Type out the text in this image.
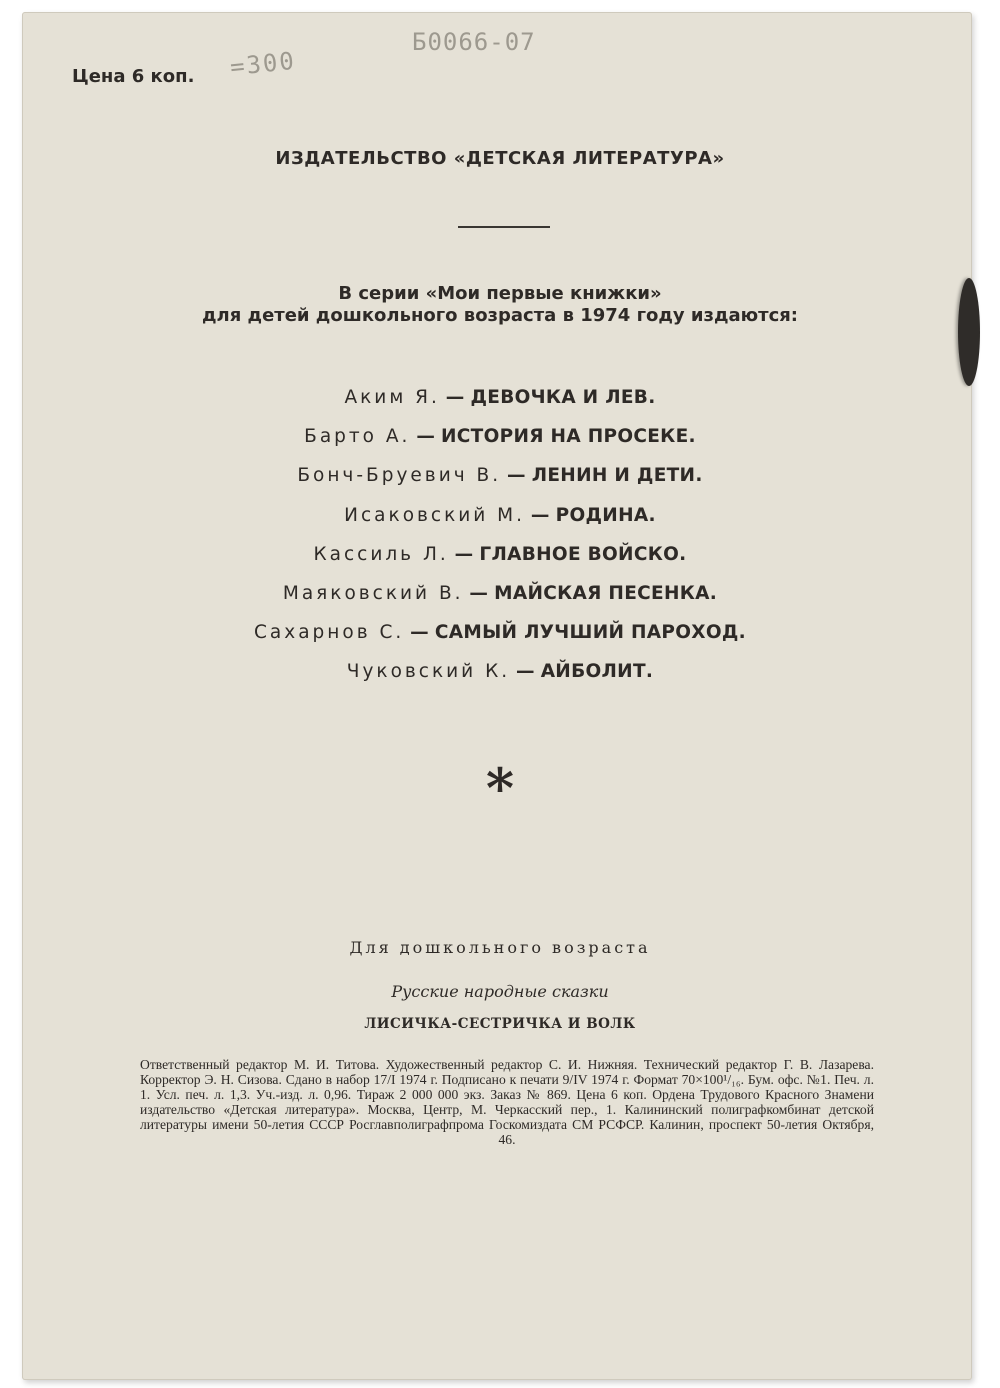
Цена 6 коп. =300
Б0066-07
ИЗДАТЕЛЬСТВО «ДЕТСКАЯ ЛИТЕРАТУРА»
В серии «Мои первые книжки»
для детей дошкольного возраста в 1974 году издаются:
Аким Я. — ДЕВОЧКА И ЛЕВ.
Барто А. — ИСТОРИЯ НА ПРОСЕКЕ.
Бонч-Бруевич В. — ЛЕНИН И ДЕТИ.
Исаковский М. — РОДИНА.
Кассиль Л. — ГЛАВНОЕ ВОЙСКО.
Маяковский В. — МАЙСКАЯ ПЕСЕНКА.
Сахарнов С. — САМЫЙ ЛУЧШИЙ ПАРОХОД.
Чуковский К. — АЙБОЛИТ.
*
Для дошкольного возраста
Русские народные сказки
ЛИСИЧКА-СЕСТРИЧКА И ВОЛК
Ответственный редактор М. И. Титова. Художественный редактор С. И. Нижняя. Технический редактор Г. В. Лазарева. Корректор Э. Н. Сизова. Сдано в набор 17/I 1974 г. Подписано к печати 9/IV 1974 г. Формат 70×100¹/₁₆. Бум. офс. №1. Печ. л. 1. Усл. печ. л. 1,3. Уч.-изд. л. 0,96. Тираж 2 000 000 экз. Заказ № 869. Цена 6 коп. Ордена Трудового Красного Знамени издательство «Детская литература». Москва, Центр, М. Черкасский пер., 1. Калининский полиграфкомбинат детской литературы имени 50-летия СССР Росглавполиграфпрома Госкомиздата СМ РСФСР. Калинин, проспект 50-летия Октября, 46.
